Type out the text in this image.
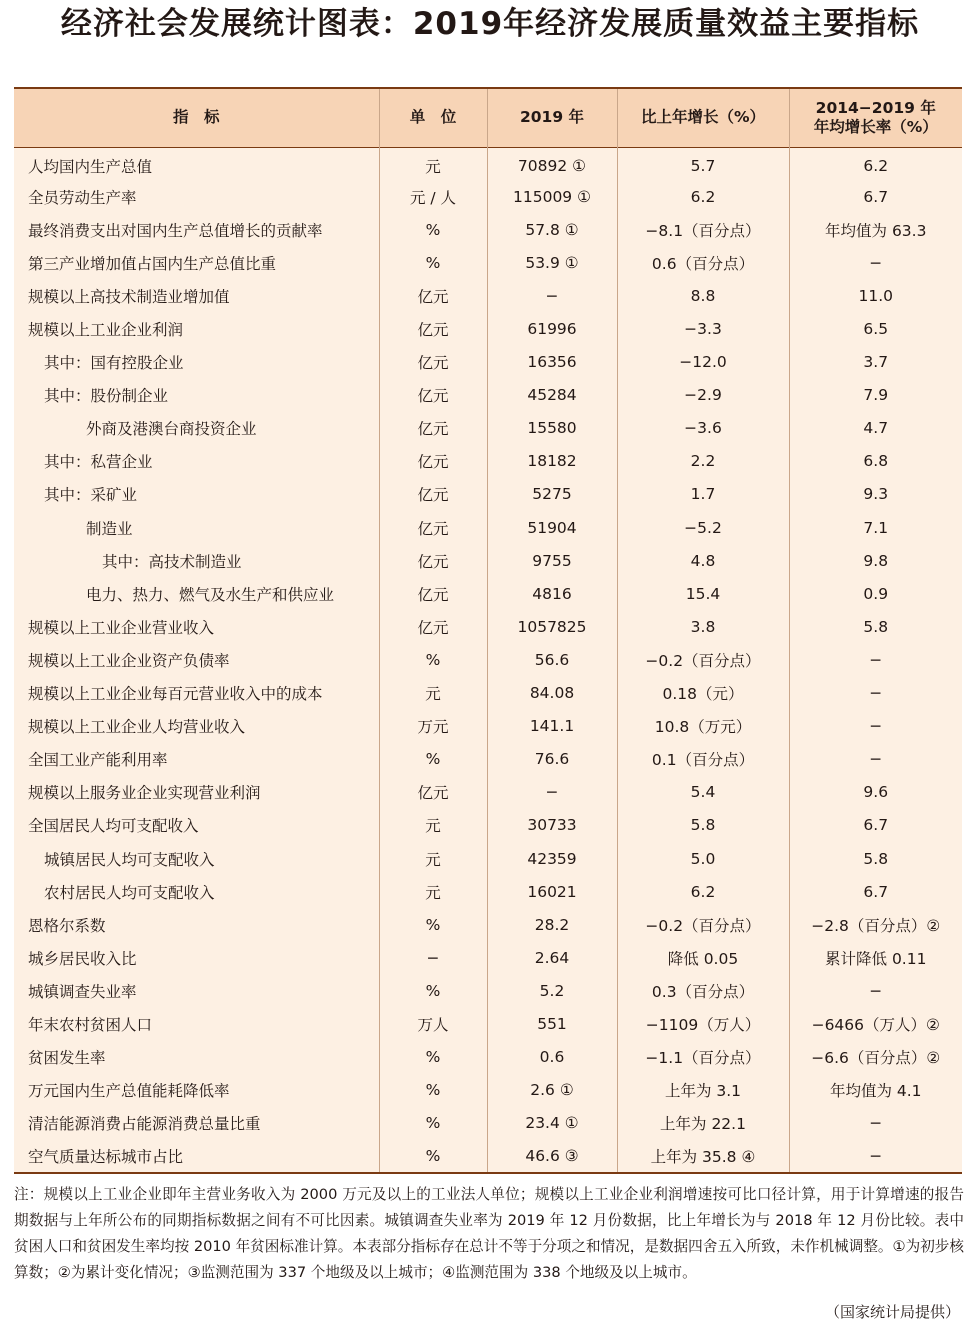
经济社会发展统计图表：2019年经济发展质量效益主要指标
指　标	单　位	2019 年	比上年增长（%）	2014−2019 年
年均增长率（%）
人均国内生产总值	元	70892 ①	5.7	6.2
全员劳动生产率	元 / 人	115009 ①	6.2	6.7
最终消费支出对国内生产总值增长的贡献率	%	57.8 ①	−8.1（百分点）	年均值为 63.3
第三产业增加值占国内生产总值比重	%	53.9 ①	0.6（百分点）	−
规模以上高技术制造业增加值	亿元	−	8.8	11.0
规模以上工业企业利润	亿元	61996	−3.3	6.5
其中：国有控股企业	亿元	16356	−12.0	3.7
其中：股份制企业	亿元	45284	−2.9	7.9
外商及港澳台商投资企业	亿元	15580	−3.6	4.7
其中：私营企业	亿元	18182	2.2	6.8
其中：采矿业	亿元	5275	1.7	9.3
制造业	亿元	51904	−5.2	7.1
其中：高技术制造业	亿元	9755	4.8	9.8
电力、热力、燃气及水生产和供应业	亿元	4816	15.4	0.9
规模以上工业企业营业收入	亿元	1057825	3.8	5.8
规模以上工业企业资产负债率	%	56.6	−0.2（百分点）	−
规模以上工业企业每百元营业收入中的成本	元	84.08	0.18（元）	−
规模以上工业企业人均营业收入	万元	141.1	10.8（万元）	−
全国工业产能利用率	%	76.6	0.1（百分点）	−
规模以上服务业企业实现营业利润	亿元	−	5.4	9.6
全国居民人均可支配收入	元	30733	5.8	6.7
城镇居民人均可支配收入	元	42359	5.0	5.8
农村居民人均可支配收入	元	16021	6.2	6.7
恩格尔系数	%	28.2	−0.2（百分点）	−2.8（百分点）②
城乡居民收入比	−	2.64	降低 0.05	累计降低 0.11
城镇调查失业率	%	5.2	0.3（百分点）	−
年末农村贫困人口	万人	551	−1109（万人）	−6466（万人）②
贫困发生率	%	0.6	−1.1（百分点）	−6.6（百分点）②
万元国内生产总值能耗降低率	%	2.6 ①	上年为 3.1	年均值为 4.1
清洁能源消费占能源消费总量比重	%	23.4 ①	上年为 22.1	−
空气质量达标城市占比	%	46.6 ③	上年为 35.8 ④	−
注：规模以上工业企业即年主营业务收入为 2000 万元及以上的工业法人单位；规模以上工业企业利润增速按可比口径计算，用于计算增速的报告期数据与上年所公布的同期指标数据之间有不可比因素。城镇调查失业率为 2019 年 12 月份数据，比上年增长为与 2018 年 12 月份比较。表中贫困人口和贫困发生率均按 2010 年贫困标准计算。本表部分指标存在总计不等于分项之和情况，是数据四舍五入所致，未作机械调整。①为初步核算数；②为累计变化情况；③监测范围为 337 个地级及以上城市；④监测范围为 338 个地级及以上城市。
（国家统计局提供）
